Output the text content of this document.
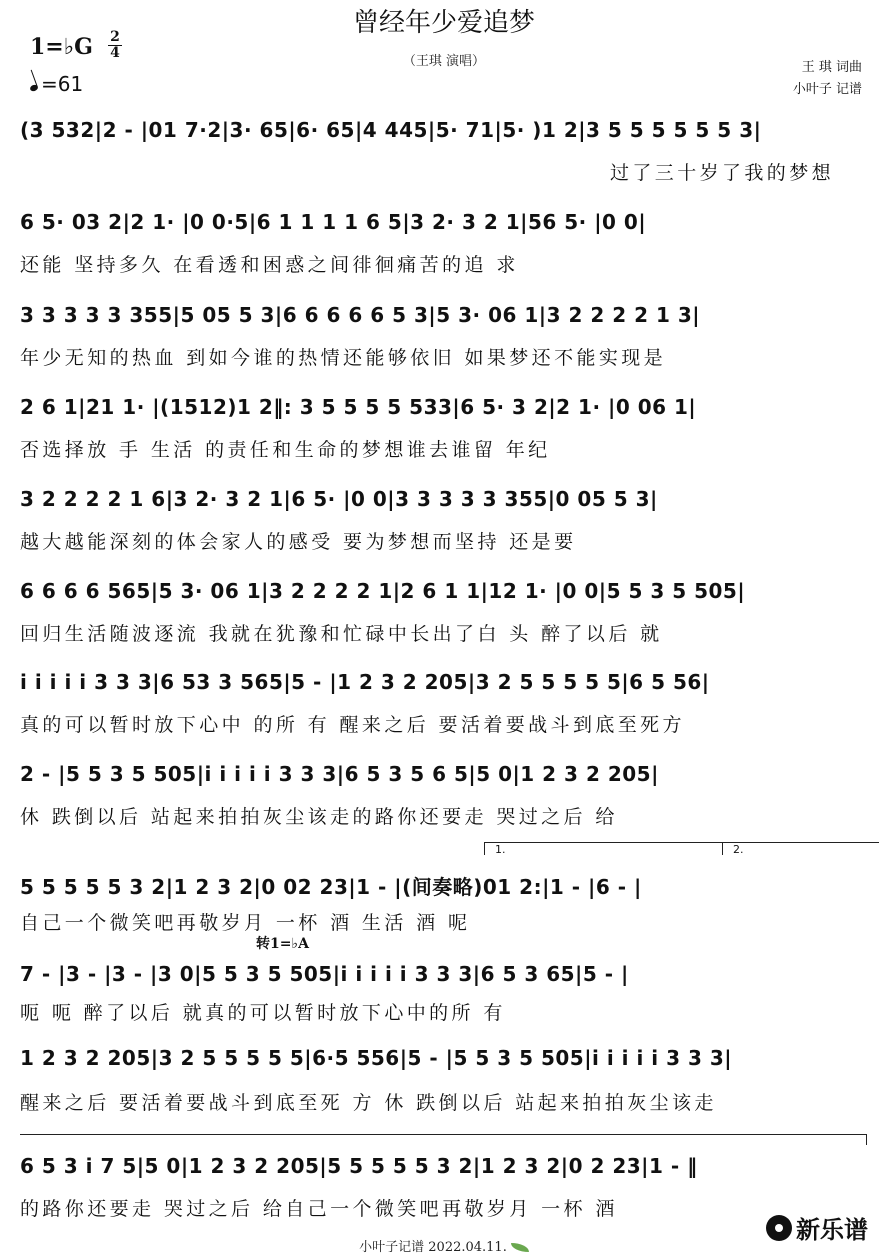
曾经年少爱追梦
（王琪 演唱）
1=♭G 2
4
=61
王 琪 词曲
小叶子 记谱
(3 532|2 - |01 7·2|3· 65|6· 65|4 445|5· 71|5· )1 2|3 5 5 5 5 5 5 3|
过了三十岁了我的梦想
6 5· 03 2|2 1· |0 0·5|6 1 1 1 1 6 5|3 2· 3 2 1|56 5· |0 0|
还能 坚持多久 在看透和困惑之间徘徊痛苦的追 求
3 3 3 3 3 355|5 05 5 3|6 6 6 6 6 5 3|5 3· 06 1|3 2 2 2 2 1 3|
年少无知的热血 到如今谁的热情还能够依旧 如果梦还不能实现是
2 6 1|21 1· |(1512)1 2‖: 3 5 5 5 5 533|6 5· 3 2|2 1· |0 06 1|
否选择放 手 生活 的责任和生命的梦想谁去谁留 年纪
3 2 2 2 2 1 6|3 2· 3 2 1|6 5· |0 0|3 3 3 3 3 355|0 05 5 3|
越大越能深刻的体会家人的感受 要为梦想而坚持 还是要
6 6 6 6 565|5 3· 06 1|3 2 2 2 2 1|2 6 1 1|12 1· |0 0|5 5 3 5 505|
回归生活随波逐流 我就在犹豫和忙碌中长出了白 头 醉了以后 就
i i i i i 3 3 3|6 53 3 565|5 - |1 2 3 2 205|3 2 5 5 5 5 5|6 5 56|
真的可以暂时放下心中 的所 有 醒来之后 要活着要战斗到底至死方
2 - |5 5 3 5 505|i i i i i 3 3 3|6 5 3 5 6 5|5 0|1 2 3 2 205|
休 跌倒以后 站起来拍拍灰尘该走的路你还要走 哭过之后 给
1.	2.
5 5 5 5 5 3 2|1 2 3 2|0 02 23|1 - |(间奏略)01 2:|1 - |6 - |
自己一个微笑吧再敬岁月 一杯 酒 生活 酒 呢
转1=♭A
7 - |3 - |3 - |3 0|5 5 3 5 505|i i i i i 3 3 3|6 5 3 65|5 - |
呃 呃 醉了以后 就真的可以暂时放下心中的所 有
1 2 3 2 205|3 2 5 5 5 5 5|6·5 556|5 - |5 5 3 5 505|i i i i i 3 3 3|
醒来之后 要活着要战斗到底至死 方 休 跌倒以后 站起来拍拍灰尘该走
6 5 3 i 7 5|5 0|1 2 3 2 205|5 5 5 5 5 3 2|1 2 3 2|0 2 23|1 - ‖
的路你还要走 哭过之后 给自己一个微笑吧再敬岁月 一杯 酒
小叶子记谱 2022.04.11.
新乐谱
